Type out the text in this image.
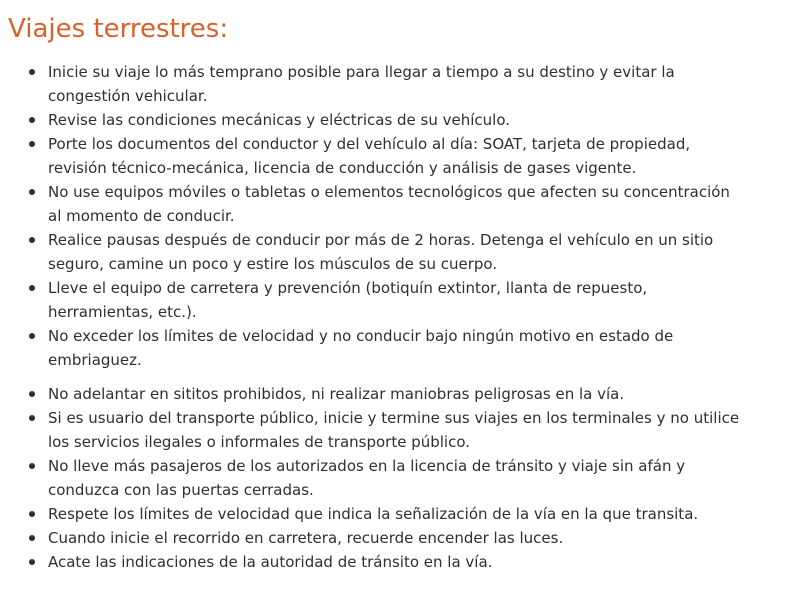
Viajes terrestres:
Inicie su viaje lo más temprano posible para llegar a tiempo a su destino y evitar la
congestión vehicular.
Revise las condiciones mecánicas y eléctricas de su vehículo.
Porte los documentos del conductor y del vehículo al día: SOAT, tarjeta de propiedad,
revisión técnico-mecánica, licencia de conducción y análisis de gases vigente.
No use equipos móviles o tabletas o elementos tecnológicos que afecten su concentración
al momento de conducir.
Realice pausas después de conducir por más de 2 horas. Detenga el vehículo en un sitio
seguro, camine un poco y estire los músculos de su cuerpo.
Lleve el equipo de carretera y prevención (botiquín extintor, llanta de repuesto,
herramientas, etc.).
No exceder los límites de velocidad y no conducir bajo ningún motivo en estado de
embriaguez.
No adelantar en sititos prohibidos, ni realizar maniobras peligrosas en la vía.
Si es usuario del transporte público, inicie y termine sus viajes en los terminales y no utilice
los servicios ilegales o informales de transporte público.
No lleve más pasajeros de los autorizados en la licencia de tránsito y viaje sin afán y
conduzca con las puertas cerradas.
Respete los límites de velocidad que indica la señalización de la vía en la que transita.
Cuando inicie el recorrido en carretera, recuerde encender las luces.
Acate las indicaciones de la autoridad de tránsito en la vía.
